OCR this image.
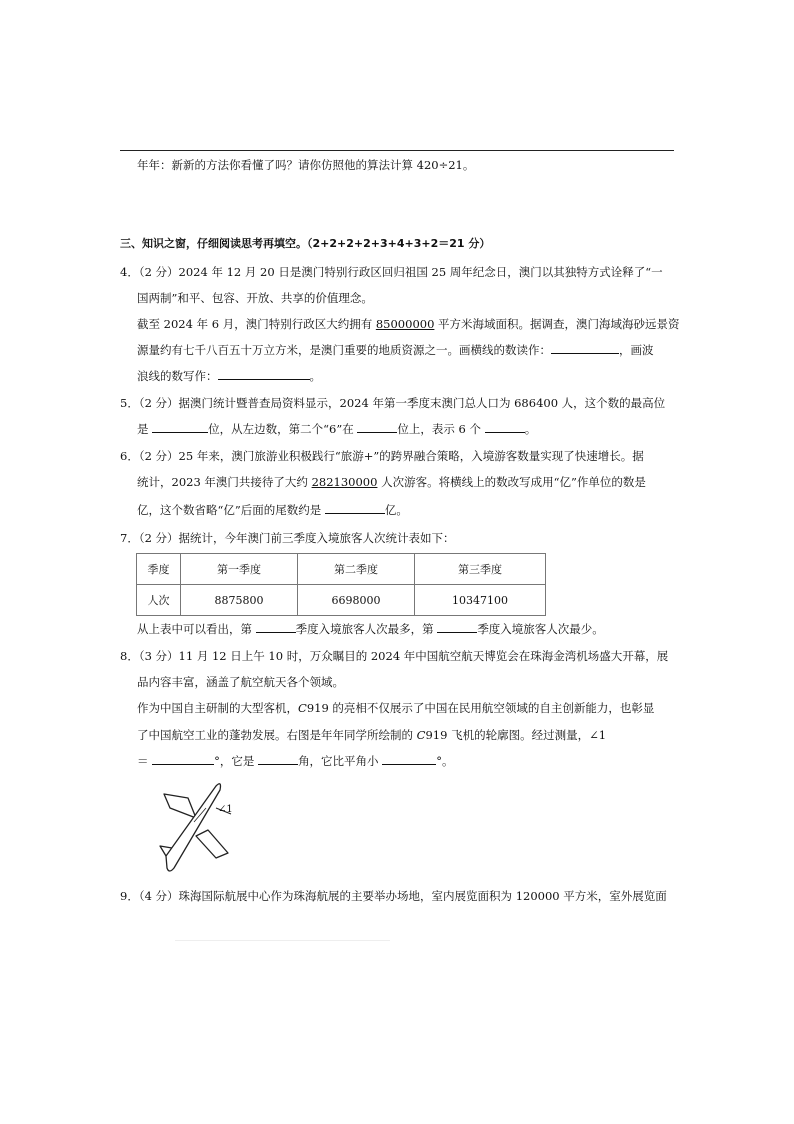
年年：新新的方法你看懂了吗？请你仿照他的算法计算 420÷21。
三、知识之窗，仔细阅读思考再填空。（2+2+2+2+3+4+3+2＝21 分）
4．（2 分）2024 年 12 月 20 日是澳门特别行政区回归祖国 25 周年纪念日，澳门以其独特方式诠释了“一
国两制”和平、包容、开放、共享的价值理念。
截至 2024 年 6 月，澳门特别行政区大约拥有 85000000 平方米海域面积。据调查，澳门海域海砂远景资
源量约有七千八百五十万立方米，是澳门重要的地质资源之一。画横线的数读作：	，画波
浪线的数写作：	。
5．（2 分）据澳门统计暨普查局资料显示，2024 年第一季度末澳门总人口为 686400 人，这个数的最高位
是	位，从左边数，第二个“6”在	位上，表示 6 个	。
6．（2 分）25 年来，澳门旅游业积极践行“旅游+”的跨界融合策略，入境游客数量实现了快速增长。据
统计，2023 年澳门共接待了大约 282130000 人次游客。将横线上的数改写成用“亿”作单位的数是
亿，这个数省略“亿”后面的尾数约是	亿。
7．（2 分）据统计，今年澳门前三季度入境旅客人次统计表如下：
季度	第一季度	第二季度	第三季度
人次	8875800	6698000	10347100
从上表中可以看出，第	季度入境旅客人次最多，第	季度入境旅客人次最少。
8．（3 分）11 月 12 日上午 10 时，万众瞩目的 2024 年中国航空航天博览会在珠海金湾机场盛大开幕，展
品内容丰富，涵盖了航空航天各个领域。
作为中国自主研制的大型客机，C919 的亮相不仅展示了中国在民用航空领域的自主创新能力，也彰显
了中国航空工业的蓬勃发展。右图是年年同学所绘制的 C919 飞机的轮廓图。经过测量，∠1
＝	°，它是	角，它比平角小	°。
∠1
9．（4 分）珠海国际航展中心作为珠海航展的主要举办场地，室内展览面积为 120000 平方米，室外展览面
